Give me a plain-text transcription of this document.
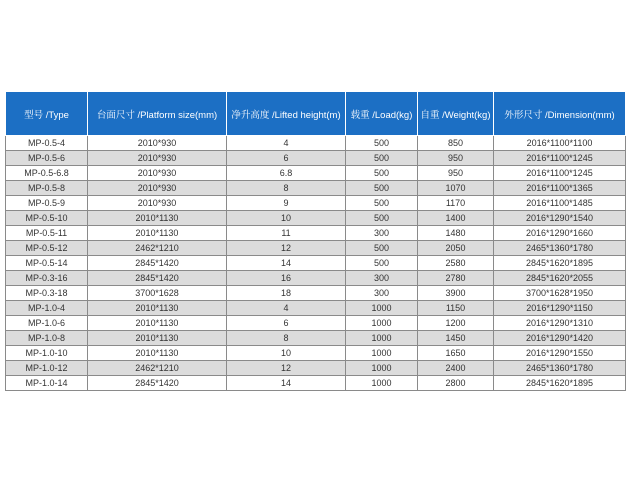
型号 /Type	台面尺寸 /Platform size(mm)	净升高度 /Lifted height(m)	载重 /Load(kg)	自重 /Weight(kg)	外形尺寸 /Dimension(mm)
MP-0.5-4	2010*930	4	500	850	2016*1100*1100
MP-0.5-6	2010*930	6	500	950	2016*1100*1245
MP-0.5-6.8	2010*930	6.8	500	950	2016*1100*1245
MP-0.5-8	2010*930	8	500	1070	2016*1100*1365
MP-0.5-9	2010*930	9	500	1170	2016*1100*1485
MP-0.5-10	2010*1130	10	500	1400	2016*1290*1540
MP-0.5-11	2010*1130	11	300	1480	2016*1290*1660
MP-0.5-12	2462*1210	12	500	2050	2465*1360*1780
MP-0.5-14	2845*1420	14	500	2580	2845*1620*1895
MP-0.3-16	2845*1420	16	300	2780	2845*1620*2055
MP-0.3-18	3700*1628	18	300	3900	3700*1628*1950
MP-1.0-4	2010*1130	4	1000	1150	2016*1290*1150
MP-1.0-6	2010*1130	6	1000	1200	2016*1290*1310
MP-1.0-8	2010*1130	8	1000	1450	2016*1290*1420
MP-1.0-10	2010*1130	10	1000	1650	2016*1290*1550
MP-1.0-12	2462*1210	12	1000	2400	2465*1360*1780
MP-1.0-14	2845*1420	14	1000	2800	2845*1620*1895
